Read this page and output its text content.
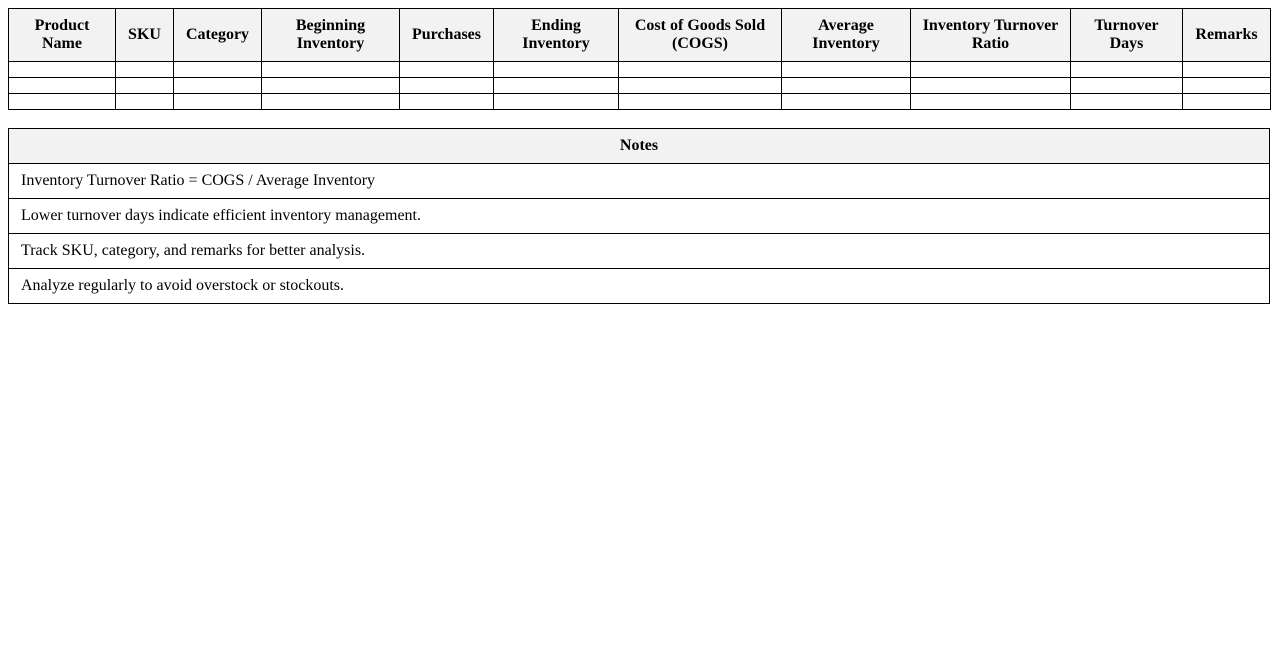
Product Name	SKU	Category	Beginning Inventory	Purchases	Ending Inventory	Cost of Goods Sold (COGS)	Average Inventory	Inventory Turnover Ratio	Turnover Days	Remarks

Notes
Inventory Turnover Ratio = COGS / Average Inventory
Lower turnover days indicate efficient inventory management.
Track SKU, category, and remarks for better analysis.
Analyze regularly to avoid overstock or stockouts.
